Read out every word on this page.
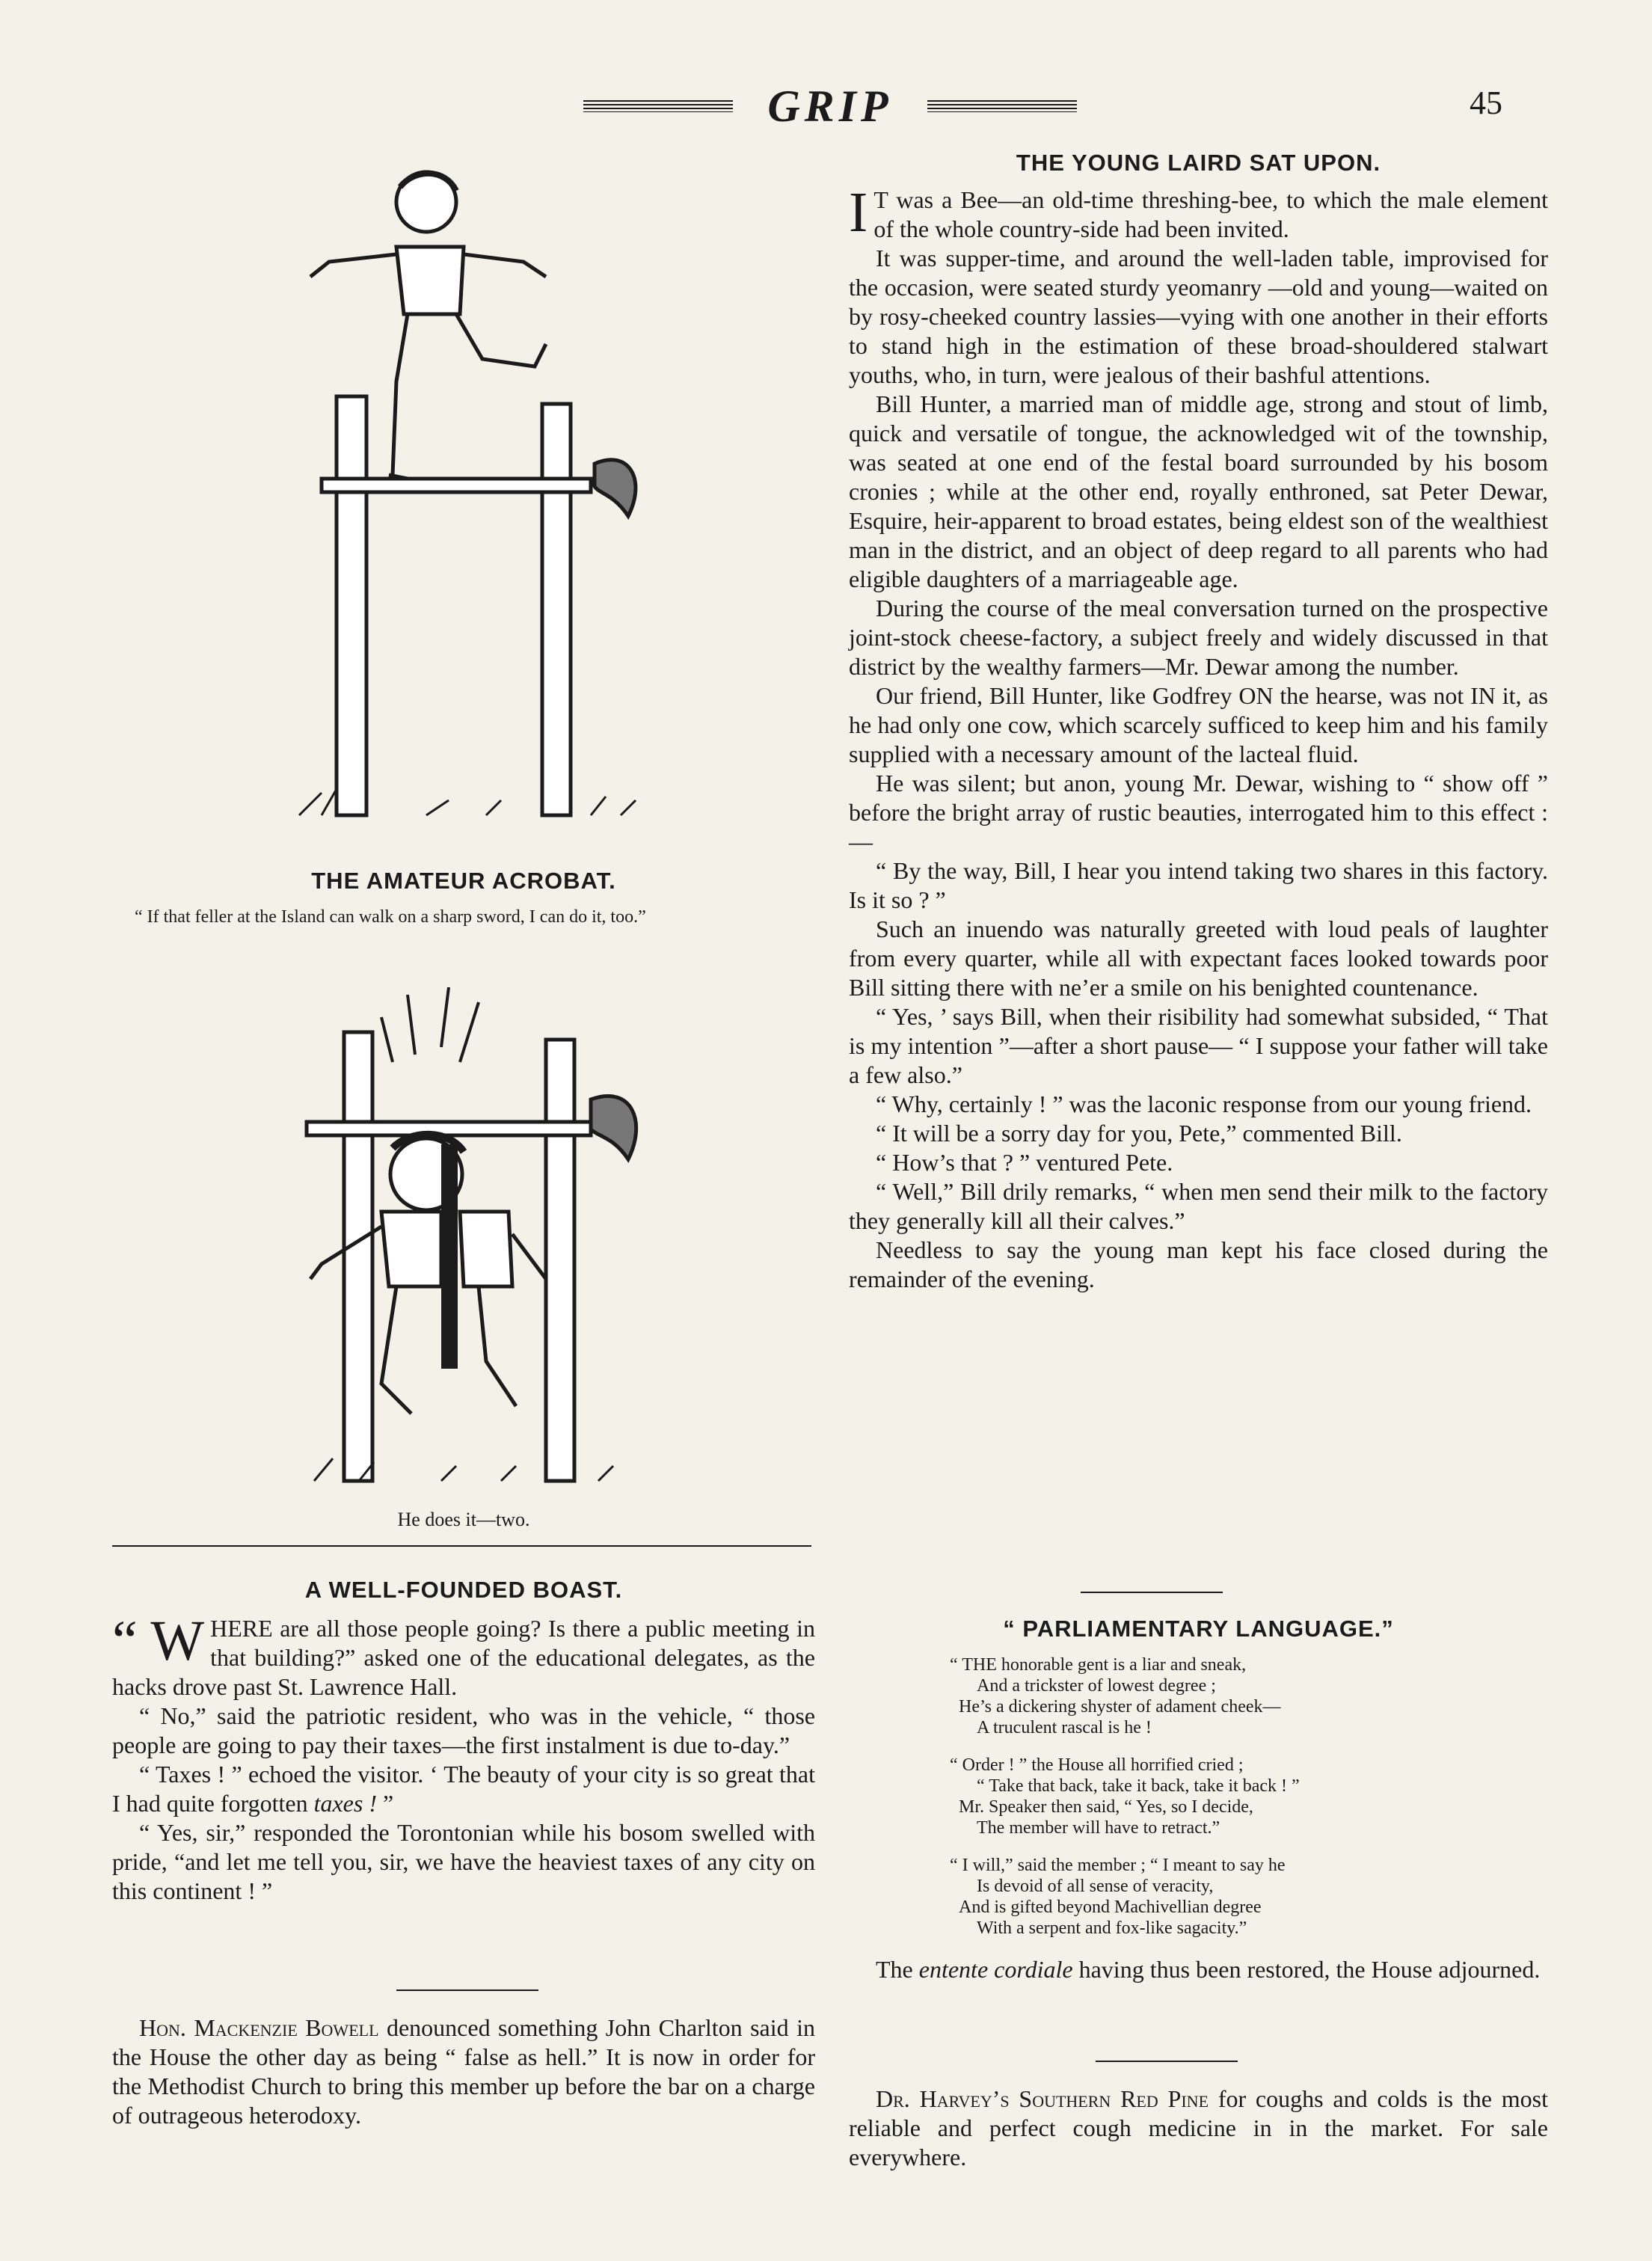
GRIP	45

THE AMATEUR ACROBAT.

“ If that feller at the Island can walk on a sharp sword, I can do it, too.”
He does it—two.

A WELL-FOUNDED BOAST.

“ W HERE are all those people going? Is there a public meeting in that building?” asked one of the educational delegates, as the hacks drove past St. Lawrence Hall.

“ No,” said the patriotic resident, who was in the vehicle, “ those people are going to pay their taxes—the first instalment is due to-day.”

“ Taxes ! ” echoed the visitor. ‘ The beauty of your city is so great that I had quite forgotten taxes ! ”

“ Yes, sir,” responded the Torontonian while his bosom swelled with pride, “and let me tell you, sir, we have the heaviest taxes of any city on this continent ! ”

Hon. Mackenzie Bowell denounced something John Charlton said in the House the other day as being “ false as hell.” It is now in order for the Methodist Church to bring this member up before the bar on a charge of outrageous heterodoxy.

THE YOUNG LAIRD SAT UPON.

I T was a Bee—an old-time threshing-bee, to which the male element of the whole country-side had been invited.

It was supper-time, and around the well-laden table, improvised for the occasion, were seated sturdy yeomanry —old and young—waited on by rosy-cheeked country lassies—vying with one another in their efforts to stand high in the estimation of these broad-shouldered stalwart youths, who, in turn, were jealous of their bashful attentions.

Bill Hunter, a married man of middle age, strong and stout of limb, quick and versatile of tongue, the acknowledged wit of the township, was seated at one end of the festal board surrounded by his bosom cronies ; while at the other end, royally enthroned, sat Peter Dewar, Esquire, heir-apparent to broad estates, being eldest son of the wealthiest man in the district, and an object of deep regard to all parents who had eligible daughters of a marriageable age.

During the course of the meal conversation turned on the prospective joint-stock cheese-factory, a subject freely and widely discussed in that district by the wealthy farmers—Mr. Dewar among the number.

Our friend, Bill Hunter, like Godfrey ON the hearse, was not IN it, as he had only one cow, which scarcely sufficed to keep him and his family supplied with a necessary amount of the lacteal fluid.

He was silent; but anon, young Mr. Dewar, wishing to “ show off ” before the bright array of rustic beauties, interrogated him to this effect :—

“ By the way, Bill, I hear you intend taking two shares in this factory. Is it so ? ”

Such an inuendo was naturally greeted with loud peals of laughter from every quarter, while all with expectant faces looked towards poor Bill sitting there with ne’er a smile on his benighted countenance.

“ Yes, ’ says Bill, when their risibility had somewhat subsided, “ That is my intention ”—after a short pause— “ I suppose your father will take a few also.”

“ Why, certainly ! ” was the laconic response from our young friend.

“ It will be a sorry day for you, Pete,” commented Bill.

“ How’s that ? ” ventured Pete.

“ Well,” Bill drily remarks, “ when men send their milk to the factory they generally kill all their calves.”

Needless to say the young man kept his face closed during the remainder of the evening.

“ PARLIAMENTARY LANGUAGE.”

“ THE honorable gent is a liar and sneak,
And a trickster of lowest degree ;
He’s a dickering shyster of adament cheek—
A truculent rascal is he !
“ Order ! ” the House all horrified cried ;
“ Take that back, take it back, take it back ! ”
Mr. Speaker then said, “ Yes, so I decide,
The member will have to retract.”
“ I will,” said the member ; “ I meant to say he
Is devoid of all sense of veracity,
And is gifted beyond Machivellian degree
With a serpent and fox-like sagacity.”

The entente cordiale having thus been restored, the House adjourned.

Dr. Harvey’s Southern Red Pine for coughs and colds is the most reliable and perfect cough medicine in in the market. For sale everywhere.
